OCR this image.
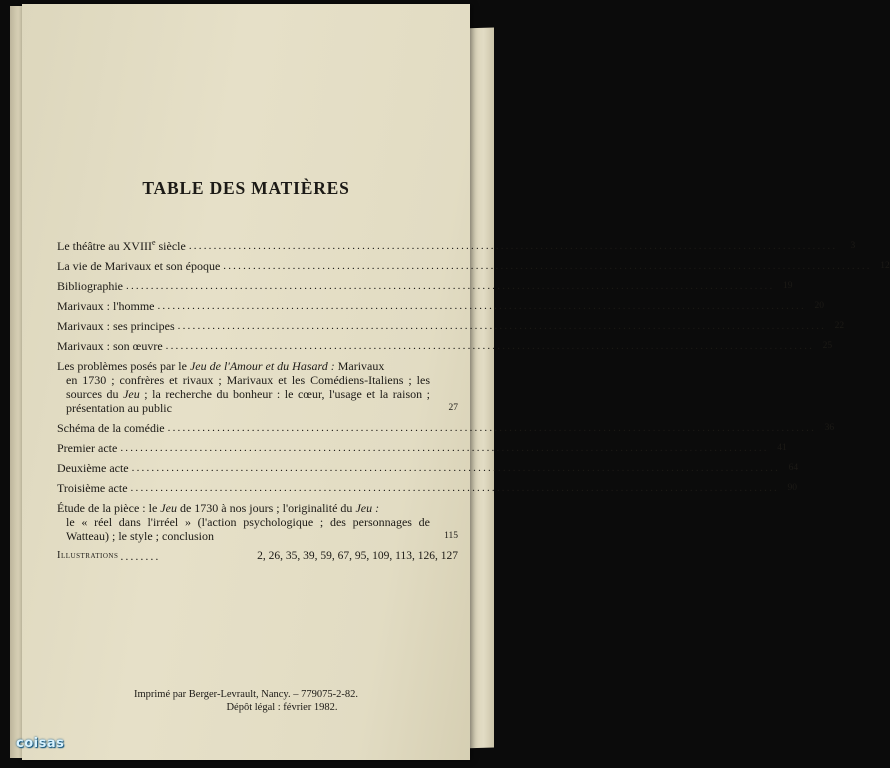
TABLE DES MATIÈRES
Le théâtre au XVIIIe siècle ...................................................................................................................................	3
La vie de Marivaux et son époque ................................................................................................................................... 12
Bibliographie ................................................................................................................................... 19
Marivaux : l'homme ................................................................................................................................... 20
Marivaux : ses principes ................................................................................................................................... 22
Marivaux : son œuvre ................................................................................................................................... 25
Les problèmes posés par le Jeu de l'Amour et du Hasard : Marivaux
en 1730 ; confrères et rivaux ; Marivaux et les Comédiens-Italiens ; les sources du Jeu ; la recherche du bonheur : le cœur, l'usage et la raison ; présentation au public	27
Schéma de la comédie ................................................................................................................................... 36
Premier acte ................................................................................................................................... 41
Deuxième acte ................................................................................................................................... 64
Troisième acte ................................................................................................................................... 90
Étude de la pièce : le Jeu de 1730 à nos jours ; l'originalité du Jeu :
le « réel dans l'irréel » (l'action psychologique ; des personnages de Watteau) ; le style ; conclusion	115
Illustrations ........	2, 26, 35, 39, 59, 67, 95, 109, 113, 126, 127
Imprimé par Berger-Levrault, Nancy. – 779075-2-82.
Dépôt légal : février 1982.
coisas
